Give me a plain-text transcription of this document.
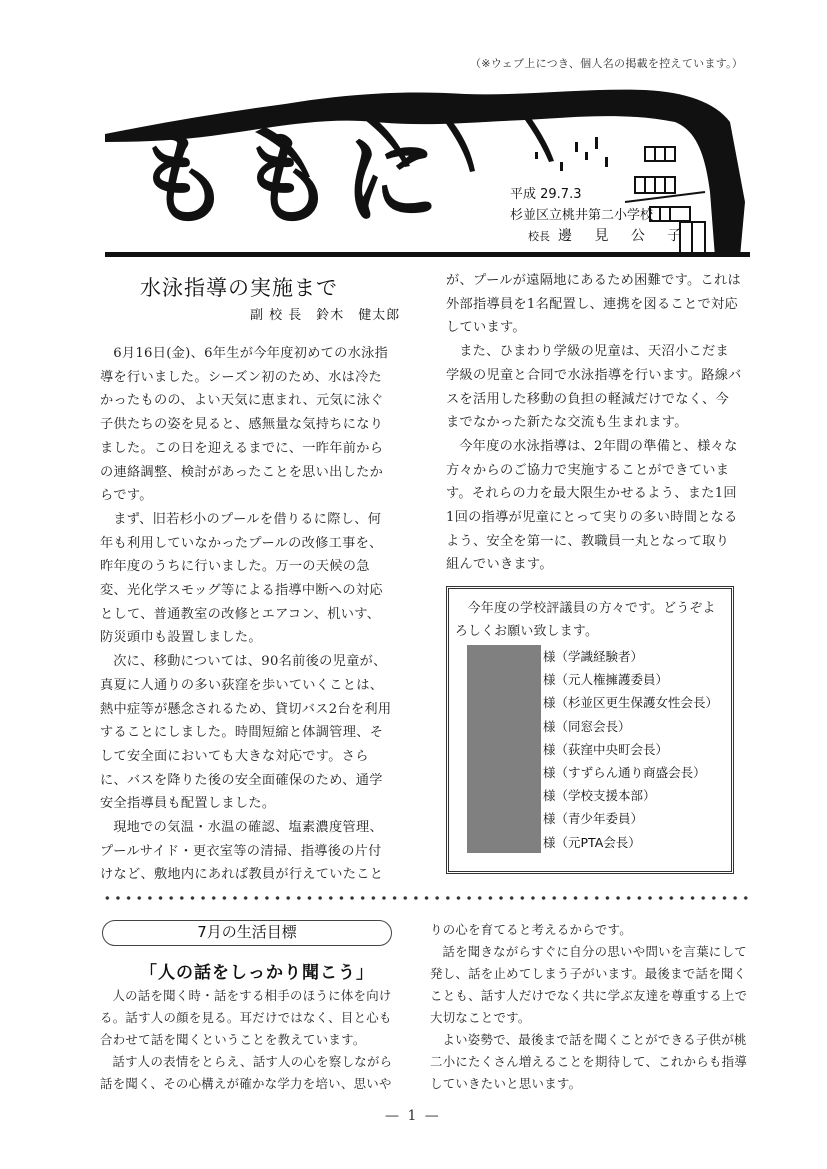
（※ウェブ上につき、個人名の掲載を控えています。）
ももに	平成 29.7.3
杉並区立桃井第二小学校
校長 邊 見 公 子
水泳指導の実施まで
副 校 長 鈴木　健太郎

6月16日(金)、6年生が今年度初めての水泳指導を行いました。シーズン初のため、水は冷たかったものの、よい天気に恵まれ、元気に泳ぐ子供たちの姿を見ると、感無量な気持ちになりました。この日を迎えるまでに、一昨年前からの連絡調整、検討があったことを思い出したからです。

まず、旧若杉小のプールを借りるに際し、何年も利用していなかったプールの改修工事を、昨年度のうちに行いました。万一の天候の急変、光化学スモッグ等による指導中断への対応として、普通教室の改修とエアコン、机いす、防災頭巾も設置しました。

次に、移動については、90名前後の児童が、真夏に人通りの多い荻窪を歩いていくことは、熱中症等が懸念されるため、貸切バス2台を利用することにしました。時間短縮と体調管理、そして安全面においても大きな対応です。さらに、バスを降りた後の安全面確保のため、通学安全指導員も配置しました。

現地での気温・水温の確認、塩素濃度管理、プールサイド・更衣室等の清掃、指導後の片付けなど、敷地内にあれば教員が行えていたこと

が、プールが遠隔地にあるため困難です。これは外部指導員を1名配置し、連携を図ることで対応しています。

また、ひまわり学級の児童は、天沼小こだま学級の児童と合同で水泳指導を行います。路線バスを活用した移動の負担の軽減だけでなく、今までなかった新たな交流も生まれます。

今年度の水泳指導は、2年間の準備と、様々な方々からのご協力で実施することができています。それらの力を最大限生かせるよう、また1回1回の指導が児童にとって実りの多い時間となるよう、安全を第一に、教職員一丸となって取り組んでいきます。

今年度の学校評議員の方々です。どうぞよろしくお願い致します。
様（学識経験者）
様（元人権擁護委員）
様（杉並区更生保護女性会長）
様（同窓会長）
様（荻窪中央町会長）
様（すずらん通り商盛会長）
様（学校支援本部）
様（青少年委員）
様（元PTA会長）
7月の生活目標
「人の話をしっかり聞こう」

人の話を聞く時・話をする相手のほうに体を向ける。話す人の顔を見る。耳だけではなく、目と心も合わせて話を聞くということを教えています。

話す人の表情をとらえ、話す人の心を察しながら話を聞く、その心構えが確かな学力を培い、思いや

りの心を育てると考えるからです。

話を聞きながらすぐに自分の思いや問いを言葉にして発し、話を止めてしまう子がいます。最後まで話を聞くことも、話す人だけでなく共に学ぶ友達を尊重する上で大切なことです。

よい姿勢で、最後まで話を聞くことができる子供が桃二小にたくさん増えることを期待して、これからも指導していきたいと思います。

— 1 —
